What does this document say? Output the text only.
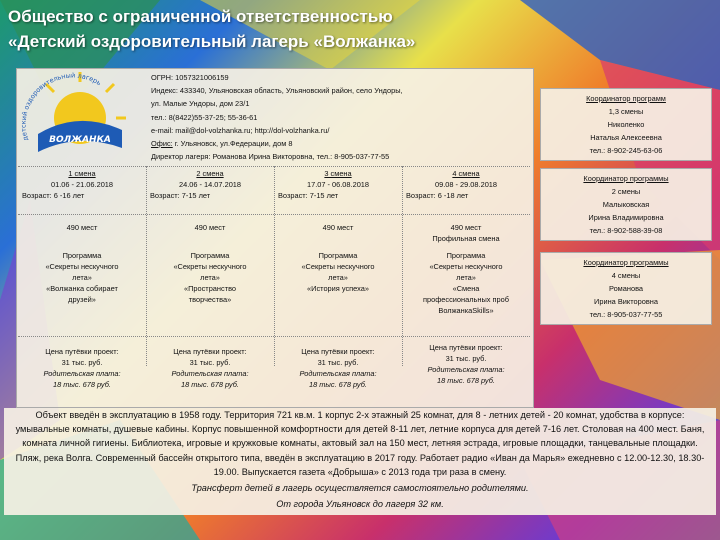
Общество с ограниченной ответственностью
«Детский оздоровительный лагерь «Волжанка»
ВОЛЖАНКА
детский оздоровительный лагерь
ОГРН: 1057321006159
Индекс: 433340, Ульяновская область, Ульяновский район, село Ундоры,
ул. Малые Ундоры, дом 23/1
тел.: 8(8422)55-37-25; 55-36-61
e-mail: mail@dol-volzhanka.ru; http://dol-volzhanka.ru/
Офис: г. Ульяновск, ул.Федерации, дом 8
Директор лагеря: Романова Ирина Викторовна, тел.: 8-905-037-77-55
1 смена
01.06 - 21.06.2018
Возраст: 6 -16 лет
490 мест
Программа
«Секреты нескучного
лета»
«Волжанка собирает
друзей»
Цена путёвки проект:
31 тыс. руб.
Родительская плата:
18 тыс. 678 руб.
2 смена
24.06 - 14.07.2018
Возраст: 7-15 лет
490 мест
Программа
«Секреты нескучного
лета»
«Пространство
творчества»
Цена путёвки проект:
31 тыс. руб.
Родительская плата:
18 тыс. 678 руб.
3 смена
17.07 - 06.08.2018
Возраст: 7-15 лет
490 мест
Программа
«Секреты нескучного
лета»
«История успеха»
Цена путёвки проект:
31 тыс. руб.
Родительская плата:
18 тыс. 678 руб.
4 смена
09.08 - 29.08.2018
Возраст: 6 -18 лет
490 мест
Профильная смена
Программа
«Секреты нескучного
лета»
«Смена
профессиональных проб
ВолжанкаSkills»
Цена путёвки проект:
31 тыс. руб.
Родительская плата:
18 тыс. 678 руб.
Координатор программ
1,3 смены
Николенко
Наталья Алексеевна
тел.: 8-902-245-63-06
Координатор программы
2 смены
Малыковская
Ирина Владимировна
тел.: 8-902-588-39-08
Координатор программы
4 смены
Романова
Ирина Викторовна
тел.: 8-905-037-77-55
Объект введён в эксплуатацию в 1958 году. Территория 721 кв.м. 1 корпус 2-х этажный 25 комнат, для 8 - летних детей - 20 комнат, удобства в корпусе: умывальные комнаты, душевые кабины. Корпус повышенной комфортности для детей 8-11 лет, летние корпуса для детей 7-16 лет. Столовая на 400 мест. Баня, комната личной гигиены. Библиотека, игровые и кружковые комнаты, актовый зал на 150 мест, летняя эстрада, игровые площадки, танцевальные площадки. Пляж, река Волга. Современный бассейн открытого типа, введён в эксплуатацию в 2017 году. Работает радио «Иван да Марья» ежедневно с 12.00-12.30, 18.30-19.00. Выпускается газета «Добрыша» с 2013 года три раза в смену.
Трансферт детей в лагерь осуществляется самостоятельно родителями.
От города Ульяновск до лагеря 32 км.
